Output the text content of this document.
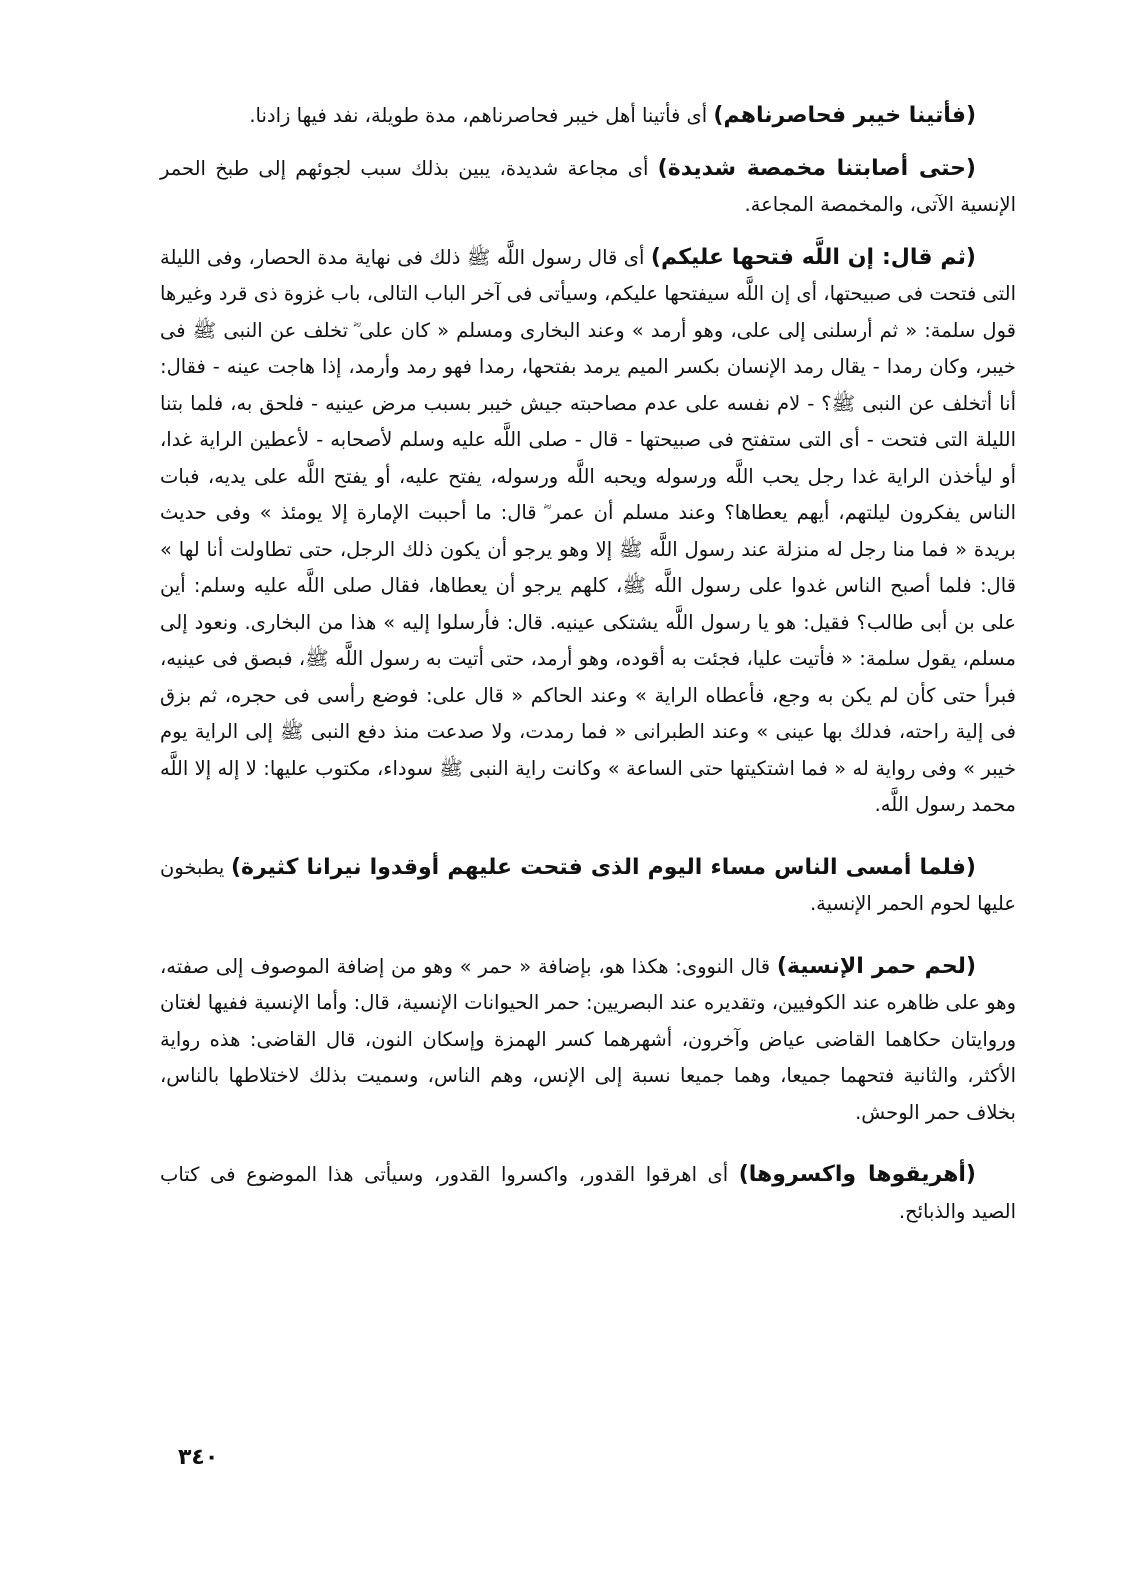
(فأتينا خيبر فحاصرناهم) أى فأتينا أهل خيبر فحاصرناهم، مدة طويلة، نفد فيها زادنا.

(حتى أصابتنا مخمصة شديدة) أى مجاعة شديدة، يبين بذلك سبب لجوئهم إلى طبخ الحمر الإنسية الآتى، والمخمصة المجاعة.

(ثم قال: إن اللَّه فتحها عليكم) أى قال رسول اللَّه ﷺ ذلك فى نهاية مدة الحصار، وفى الليلة التى فتحت فى صبيحتها، أى إن اللَّه سيفتحها عليكم، وسيأتى فى آخر الباب التالى، باب غزوة ذى قرد وغيرها قول سلمة: « ثم أرسلنى إلى على، وهو أرمد » وعند البخارى ومسلم « كان على ؓ تخلف عن النبى ﷺ فى خيبر، وكان رمدا - يقال رمد الإنسان بكسر الميم يرمد بفتحها، رمدا فهو رمد وأرمد، إذا هاجت عينه - فقال: أنا أتخلف عن النبى ﷺ؟ - لام نفسه على عدم مصاحبته جيش خيبر بسبب مرض عينيه - فلحق به، فلما بتنا الليلة التى فتحت - أى التى ستفتح فى صبيحتها - قال - صلى اللَّه عليه وسلم لأصحابه - لأعطين الراية غدا، أو ليأخذن الراية غدا رجل يحب اللَّه ورسوله ويحبه اللَّه ورسوله، يفتح عليه، أو يفتح اللَّه على يديه، فبات الناس يفكرون ليلتهم، أيهم يعطاها؟ وعند مسلم أن عمر ؓ قال: ما أحببت الإمارة إلا يومئذ » وفى حديث بريدة « فما منا رجل له منزلة عند رسول اللَّه ﷺ إلا وهو يرجو أن يكون ذلك الرجل، حتى تطاولت أنا لها » قال: فلما أصبح الناس غدوا على رسول اللَّه ﷺ، كلهم يرجو أن يعطاها، فقال صلى اللَّه عليه وسلم: أين على بن أبى طالب؟ فقيل: هو يا رسول اللَّه يشتكى عينيه. قال: فأرسلوا إليه » هذا من البخارى. ونعود إلى مسلم، يقول سلمة: « فأتيت عليا، فجئت به أقوده، وهو أرمد، حتى أتيت به رسول اللَّه ﷺ، فبصق فى عينيه، فبرأ حتى كأن لم يكن به وجع، فأعطاه الراية » وعند الحاكم « قال على: فوضع رأسى فى حجره، ثم بزق فى إلية راحته، فدلك بها عينى » وعند الطبرانى « فما رمدت، ولا صدعت منذ دفع النبى ﷺ إلى الراية يوم خيبر » وفى رواية له « فما اشتكيتها حتى الساعة » وكانت راية النبى ﷺ سوداء، مكتوب عليها: لا إله إلا اللَّه محمد رسول اللَّه.

(فلما أمسى الناس مساء اليوم الذى فتحت عليهم أوقدوا نيرانا كثيرة) يطبخون عليها لحوم الحمر الإنسية.

(لحم حمر الإنسية) قال النووى: هكذا هو، بإضافة « حمر » وهو من إضافة الموصوف إلى صفته، وهو على ظاهره عند الكوفيين، وتقديره عند البصريين: حمر الحيوانات الإنسية، قال: وأما الإنسية ففيها لغتان وروايتان حكاهما القاضى عياض وآخرون، أشهرهما كسر الهمزة وإسكان النون، قال القاضى: هذه رواية الأكثر، والثانية فتحهما جميعا، وهما جميعا نسبة إلى الإنس، وهم الناس، وسميت بذلك لاختلاطها بالناس، بخلاف حمر الوحش.

(أهريقوها واكسروها) أى اهرقوا القدور، واكسروا القدور، وسيأتى هذا الموضوع فى كتاب الصيد والذبائح.

٣٤٠
